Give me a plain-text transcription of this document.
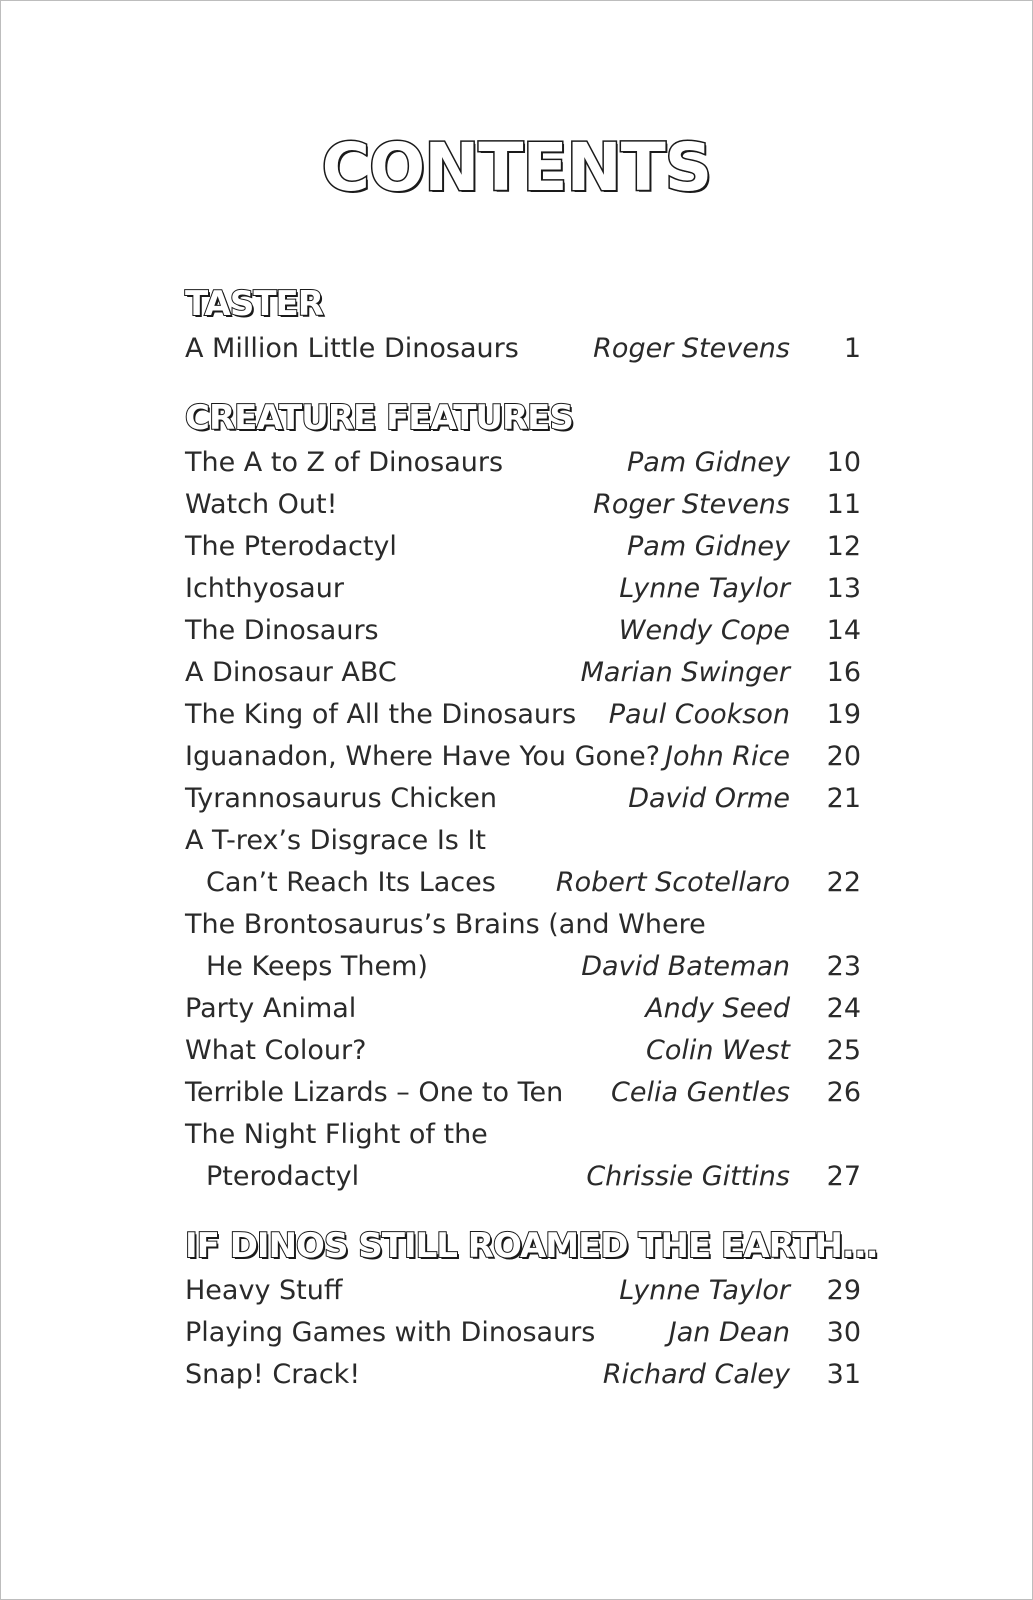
CONTENTS
TASTER
A Million Little Dinosaurs	Roger Stevens	1
CREATURE FEATURES
The A to Z of Dinosaurs	Pam Gidney	10
Watch Out!	Roger Stevens	11
The Pterodactyl	Pam Gidney	12
Ichthyosaur	Lynne Taylor	13
The Dinosaurs	Wendy Cope	14
A Dinosaur ABC	Marian Swinger	16
The King of All the Dinosaurs	Paul Cookson	19
Iguanadon, Where Have You Gone? John Rice	20
Tyrannosaurus Chicken	David Orme	21
A T-rex’s Disgrace Is It
Can’t Reach Its Laces	Robert Scotellaro	22
The Brontosaurus’s Brains (and Where
He Keeps Them)	David Bateman	23
Party Animal	Andy Seed	24
What Colour?	Colin West	25
Terrible Lizards – One to Ten	Celia Gentles	26
The Night Flight of the
Pterodactyl	Chrissie Gittins	27
IF DINOS STILL ROAMED THE EARTH...
Heavy Stuff	Lynne Taylor	29
Playing Games with Dinosaurs	Jan Dean	30
Snap! Crack!	Richard Caley	31
